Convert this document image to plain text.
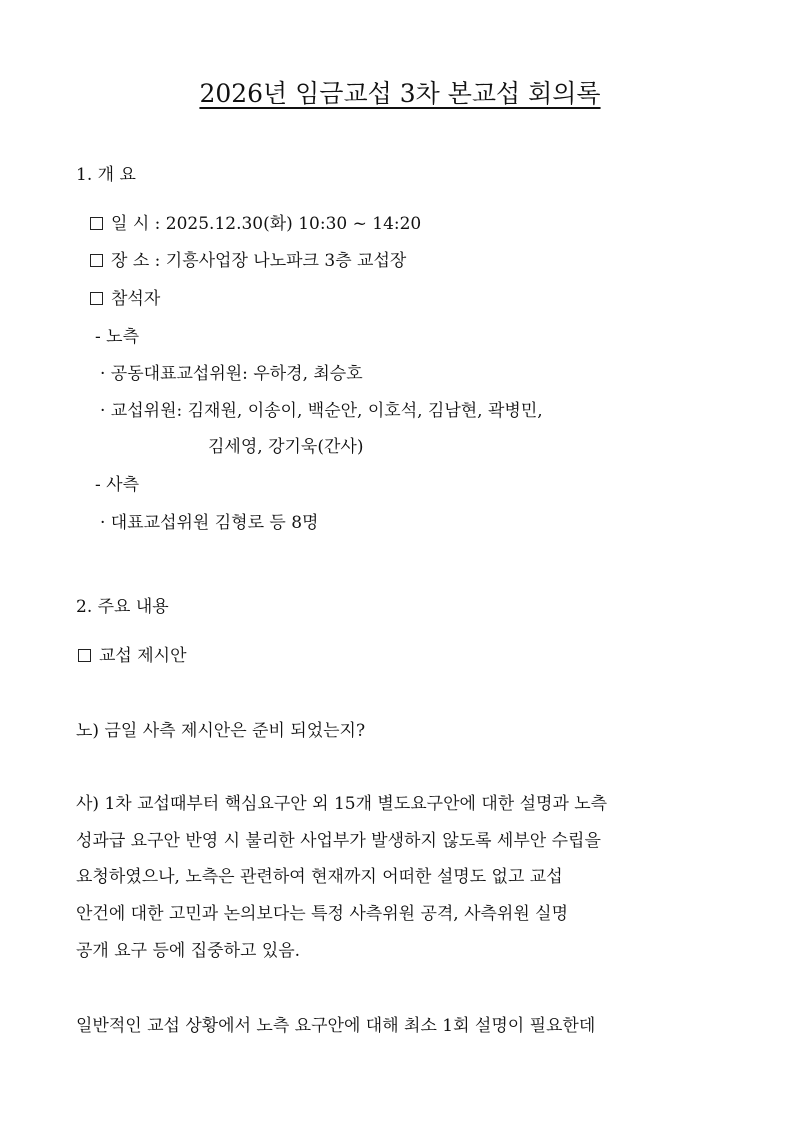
2026년 임금교섭 3차 본교섭 회의록
1. 개 요
일 시 : 2025.12.30(화) 10:30 ~ 14:20
장 소 : 기흥사업장 나노파크 3층 교섭장
참석자
- 노측
· 공동대표교섭위원: 우하경, 최승호
· 교섭위원: 김재원, 이송이, 백순안, 이호석, 김남현, 곽병민,
김세영, 강기욱(간사)
- 사측
· 대표교섭위원 김형로 등 8명
2. 주요 내용
교섭 제시안
노) 금일 사측 제시안은 준비 되었는지?
사) 1차 교섭때부터 핵심요구안 외 15개 별도요구안에 대한 설명과 노측
성과급 요구안 반영 시 불리한 사업부가 발생하지 않도록 세부안 수립을
요청하였으나, 노측은 관련하여 현재까지 어떠한 설명도 없고 교섭
안건에 대한 고민과 논의보다는 특정 사측위원 공격, 사측위원 실명
공개 요구 등에 집중하고 있음.
일반적인 교섭 상황에서 노측 요구안에 대해 최소 1회 설명이 필요한데
